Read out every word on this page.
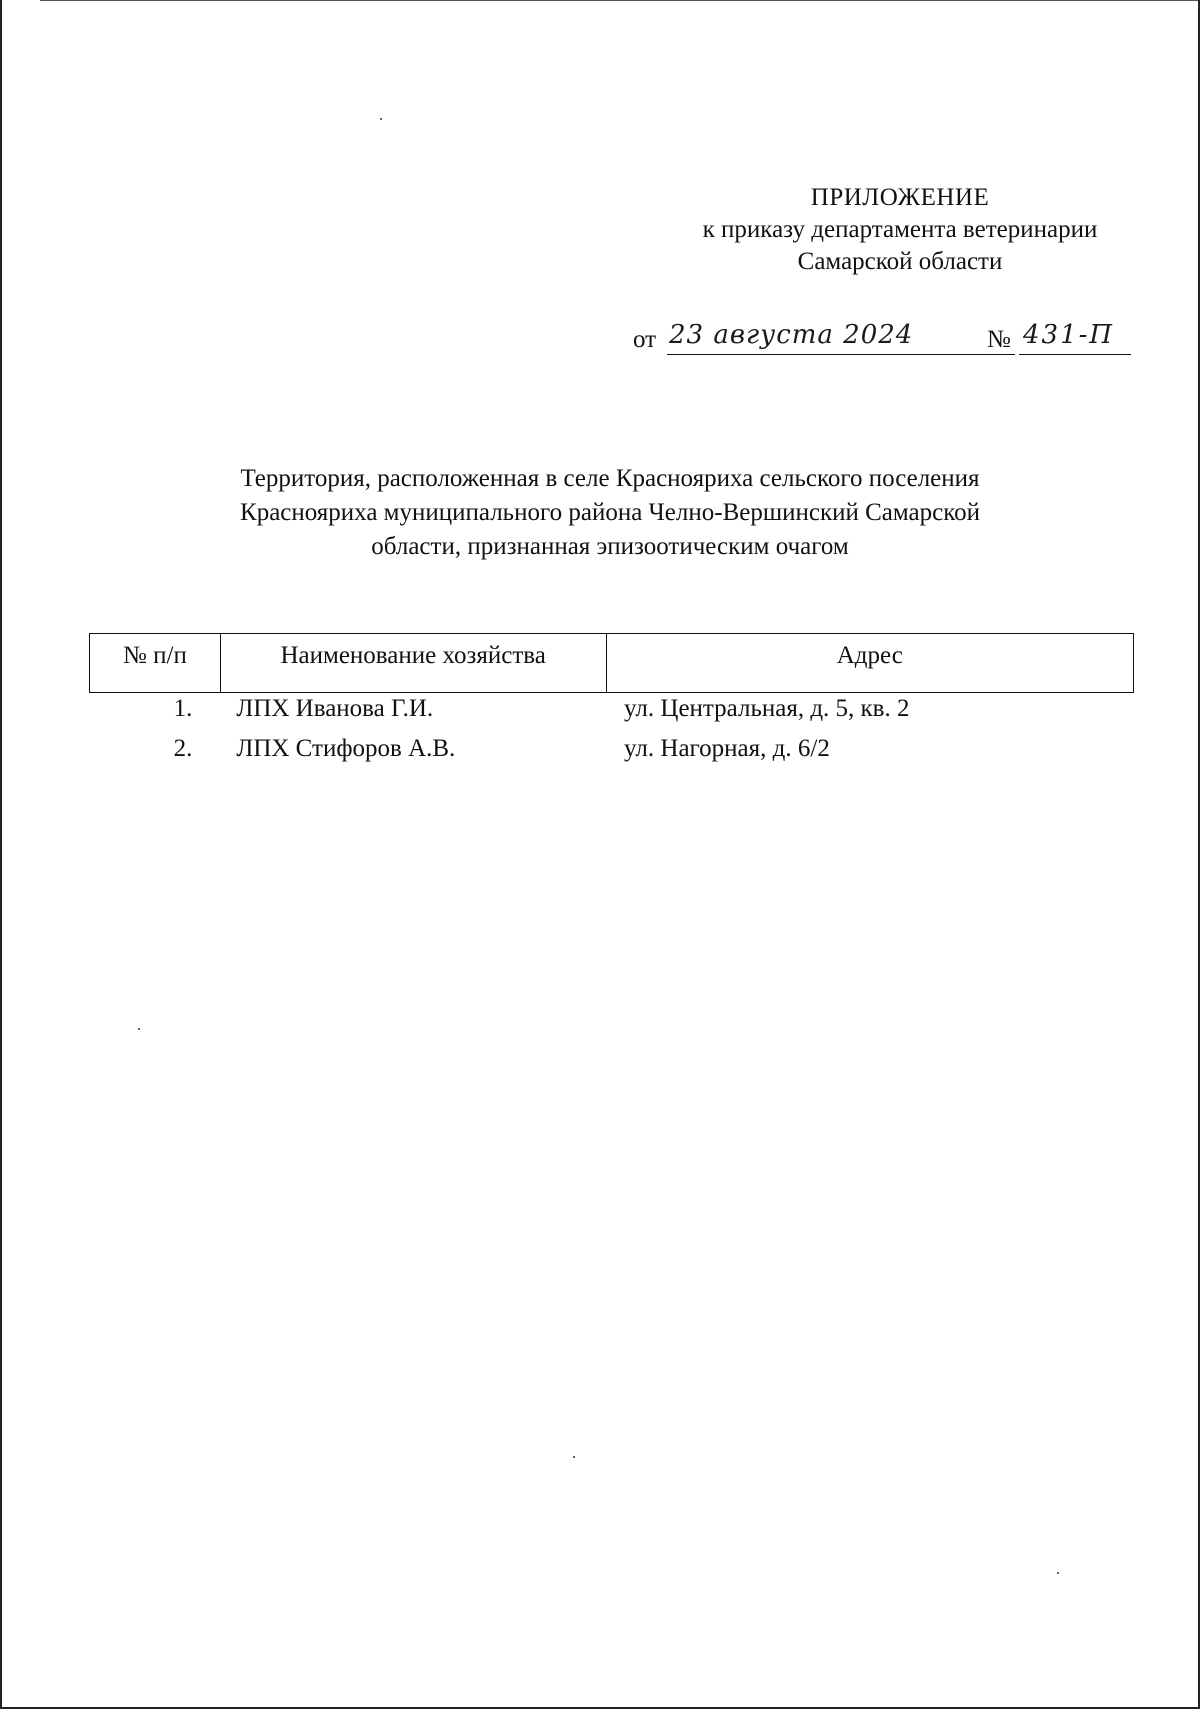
ПРИЛОЖЕНИЕ
к приказу департамента ветеринарии
Самарской области
от 23 августа 2024	№ 431-П
Территория, расположенная в селе Краснояриха сельского поселения
Краснояриха муниципального района Челно-Вершинский Самарской
области, признанная эпизоотическим очагом
№ п/п	Наименование хозяйства	Адрес
1.	ЛПХ Иванова Г.И.	ул. Центральная, д. 5, кв. 2
2.	ЛПХ Стифоров А.В.	ул. Нагорная, д. 6/2
